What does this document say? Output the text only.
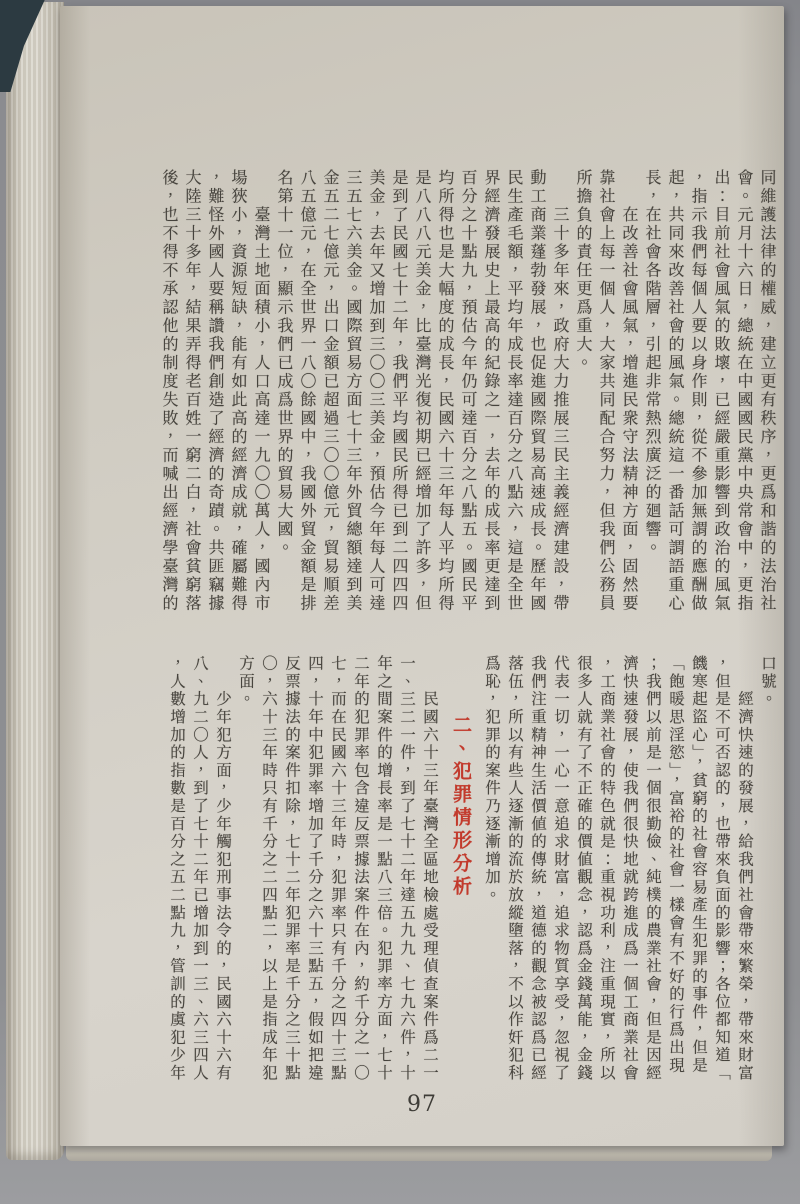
同維護法律的權威，建立更有秩序，更爲和諧的法治社
會。元月十六日，總統在中國國民黨中央常會中，更指
出：目前社會風氣的敗壞，已經嚴重影響到政治的風氣
，指示我們每個人要以身作則，從不參加無謂的應酬做
起，共同來改善社會的風氣。總統這一番話可謂語重心
長，在社會各階層，引起非常熱烈廣泛的廻響。
　　在改善社會風氣，增進民衆守法精神方面，固然要
靠社會上每一個人，大家共同配合努力，但我們公務員
所擔負的責任更爲重大。
　　三十多年來，政府大力推展三民主義經濟建設，帶
動工商業蓬勃發展，也促進國際貿易高速成長。歷年國
民生產毛額，平均年成長率達百分之八點六，這是全世
界經濟發展史上最高的紀錄之一，去年的成長率更達到
百分之十點九，預估今年仍可達百分之八點五。國民平
均所得也是大幅度的成長，民國六十三年每人平均所得
是八八八元美金，比臺灣光復初期已經增加了許多，但
是到了民國七十二年，我們平均國民所得已到二四四四
美金，去年又增加到三〇〇三美金，預估今年每人可達
三五七六美金。國際貿易方面七十三年外貿總額達到美
金五二七億元，出口金額已超過三〇〇億元，貿易順差
八五億元，在全世界一八〇餘國中，我國外貿金額是排
名第十一位，顯示我們已成爲世界的貿易大國。
　　臺灣土地面積小，人口高達一九〇〇萬人，國內市
場狹小，資源短缺，能有如此高的經濟成就，確屬難得
，難怪外國人要稱讚我們創造了經濟的奇蹟。共匪竊據
大陸三十多年，結果弄得老百姓一窮二白，社會貧窮落
後，也不得不承認他的制度失敗，而喊出經濟學臺灣的
口號。
　　經濟快速的發展，給我們社會帶來繁榮，帶來財富
，但是不可否認的，也帶來負面的影響；各位都知道「
饑寒起盜心」，貧窮的社會容易產生犯罪的事件，但是
「飽暖思淫慾」，富裕的社會一樣會有不好的行爲出現
；我們以前是一個很勤儉、純樸的農業社會，但是因經
濟快速發展，使我們很快地就跨進成爲一個工商業社會
，工商業社會的特色就是：重視功利，注重現實，所以
很多人就有了不正確的價値觀念，認爲金錢萬能，金錢
代表一切，一心一意追求財富，追求物質享受，忽視了
我們注重精神生活價値的傳統，道德的觀念被認爲已經
落伍，所以有些人逐漸的流於放縱墮落，不以作奸犯科
爲恥，犯罪的案件乃逐漸增加。
二、犯罪情形分析
　　民國六十三年臺灣全區地檢處受理偵查案件爲二一
一、三二一件，到了七十二年達五九九、七九六件，十
年之間案件的增長率是一點八三倍。犯罪率方面，七十
二年的犯罪率包含違反票據法案件在內，約千分之一〇
七，而在民國六十三年時，犯罪率只有千分之四十三點
四，十年中犯罪率增加了千分之六十三點五，假如把違
反票據法的案件扣除，七十二年犯罪率是千分之三十點
〇，六十三年時只有千分之二四點二，以上是指成年犯
方面。
　　少年犯方面，少年觸犯刑事法令的，民國六十六有
八、九二〇人，到了七十二年已增加到一三、六三四人
，人數增加的指數是百分之五二點九，管訓的虞犯少年
97
